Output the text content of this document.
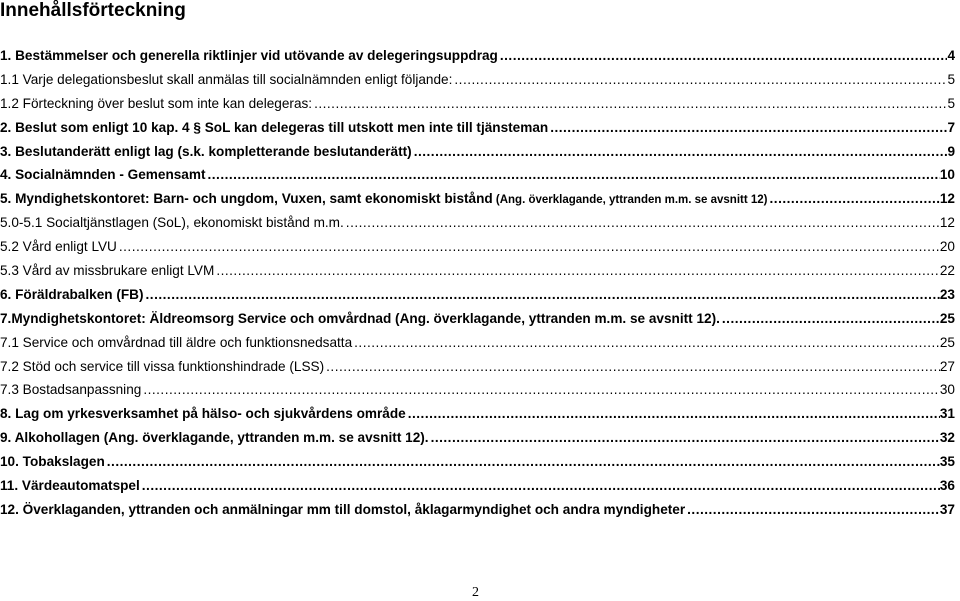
Innehållsförteckning
1. Bestämmelser och generella riktlinjer vid utövande av delegeringsuppdrag .....	4
1.1 Varje delegationsbeslut skall anmälas till socialnämnden enligt följande: .....	5
1.2 Förteckning över beslut som inte kan delegeras: .....	5
2. Beslut som enligt 10 kap. 4 § SoL kan delegeras till utskott men inte till tjänsteman .....	7
3. Beslutanderätt enligt lag (s.k. kompletterande beslutanderätt) .....	9
4. Socialnämnden - Gemensamt .....	10
5. Myndighetskontoret: Barn- och ungdom, Vuxen, samt ekonomiskt bistånd (Ang. överklagande, yttranden m.m. se avsnitt 12) .....	12
5.0-5.1 Socialtjänstlagen (SoL), ekonomiskt bistånd m.m. .....	12
5.2 Vård enligt LVU .....	20
5.3 Vård av missbrukare enligt LVM .....	22
6. Föräldrabalken (FB) .....	23
7.Myndighetskontoret: Äldreomsorg Service och omvårdnad (Ang. överklagande, yttranden m.m. se avsnitt 12). .....	25
7.1 Service och omvårdnad till äldre och funktionsnedsatta .....	25
7.2 Stöd och service till vissa funktionshindrade (LSS) .....	27
7.3 Bostadsanpassning .....	30
8. Lag om yrkesverksamhet på hälso- och sjukvårdens område .....	31
9. Alkohollagen (Ang. överklagande, yttranden m.m. se avsnitt 12). .....	32
10. Tobakslagen .....	35
11. Värdeautomatspel .....	36
12. Överklaganden, yttranden och anmälningar mm till domstol, åklagarmyndighet och andra myndigheter .....	37
2
